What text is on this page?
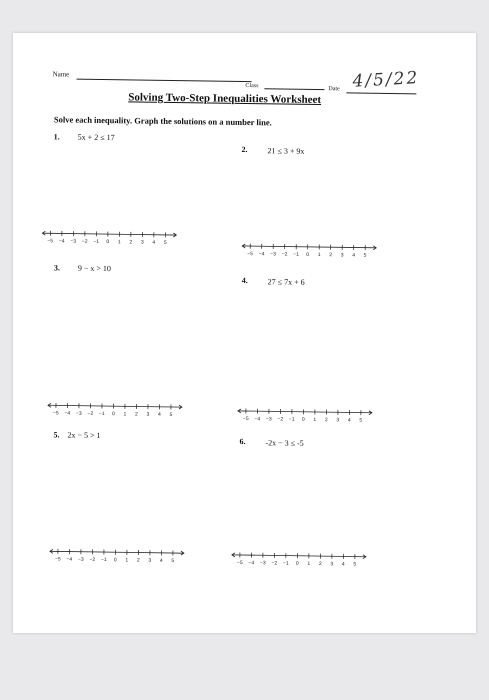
Name
Class
Date 4/5/22
Solving Two-Step Inequalities Worksheet
Solve each inequality. Graph the solutions on a number line.
1. 5x + 2 ≤ 17
2. 21 ≤ 3 + 9x
−5 −4 −3 −2 −1 0 1 2 3 4 5
−5 −4 −3 −2 −1 0 1 2 3 4 5
3. 9 − x > 10
4. 27 ≤ 7x + 6
−5 −4 −3 −2 −1 0 1 2 3 4 5
−5 −4 −3 −2 −1 0 1 2 3 4 5
5. 2x − 5 > 1
6. -2x − 3 ≤ -5
−5 −4 −3 −2 −1 0 1 2 3 4 5	−5 −4 −3 −2 −1 0 1 2 3 4 5
